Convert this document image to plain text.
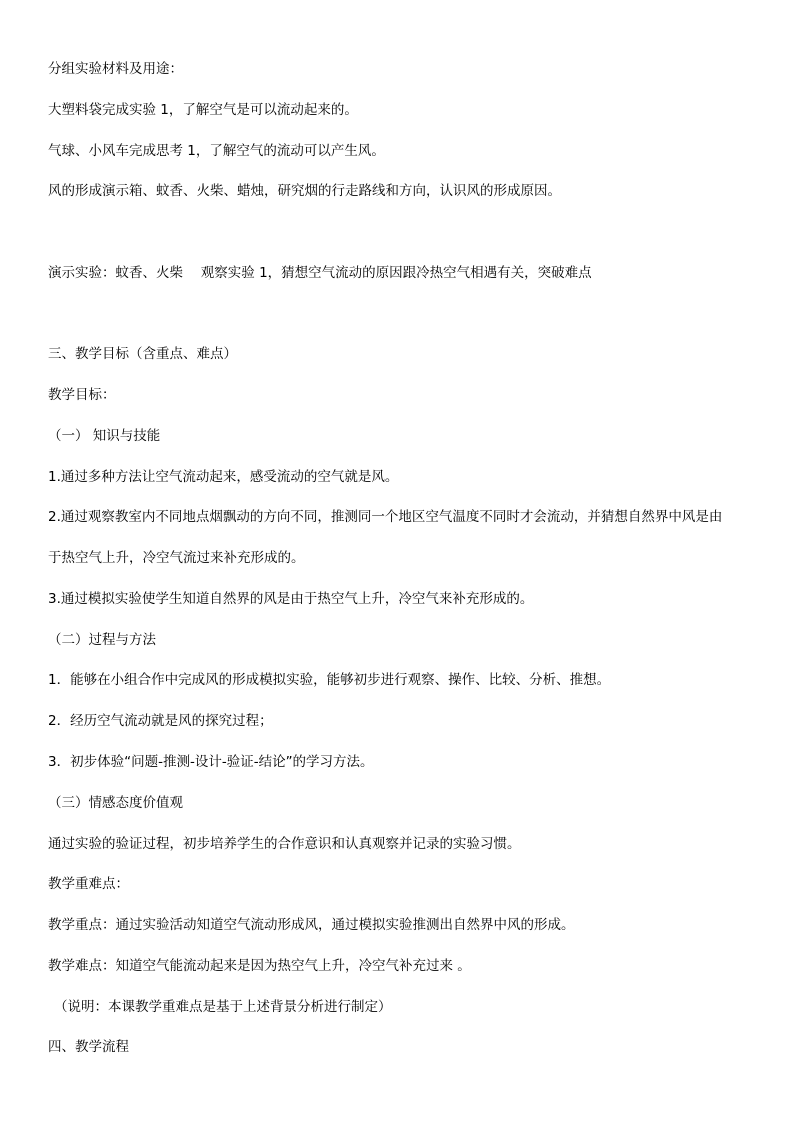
分组实验材料及用途：
大塑料袋完成实验 1，了解空气是可以流动起来的。
气球、小风车完成思考 1，了解空气的流动可以产生风。
风的形成演示箱、蚊香、火柴、蜡烛，研究烟的行走路线和方向，认识风的形成原因。
演示实验：蚊香、火柴　 观察实验 1，猜想空气流动的原因跟冷热空气相遇有关，突破难点
三、教学目标（含重点、难点）
教学目标：
（一） 知识与技能
1.通过多种方法让空气流动起来，感受流动的空气就是风。
2.通过观察教室内不同地点烟飘动的方向不同，推测同一个地区空气温度不同时才会流动，并猜想自然界中风是由
于热空气上升，冷空气流过来补充形成的。
3.通过模拟实验使学生知道自然界的风是由于热空气上升，冷空气来补充形成的。
（二）过程与方法
1．能够在小组合作中完成风的形成模拟实验，能够初步进行观察、操作、比较、分析、推想。
2．经历空气流动就是风的探究过程；
3．初步体验“问题-推测-设计-验证-结论”的学习方法。
（三）情感态度价值观
通过实验的验证过程，初步培养学生的合作意识和认真观察并记录的实验习惯。
教学重难点：
教学重点：通过实验活动知道空气流动形成风，通过模拟实验推测出自然界中风的形成。
教学难点：知道空气能流动起来是因为热空气上升，冷空气补充过来 。
（说明：本课教学重难点是基于上述背景分析进行制定）
四、教学流程
